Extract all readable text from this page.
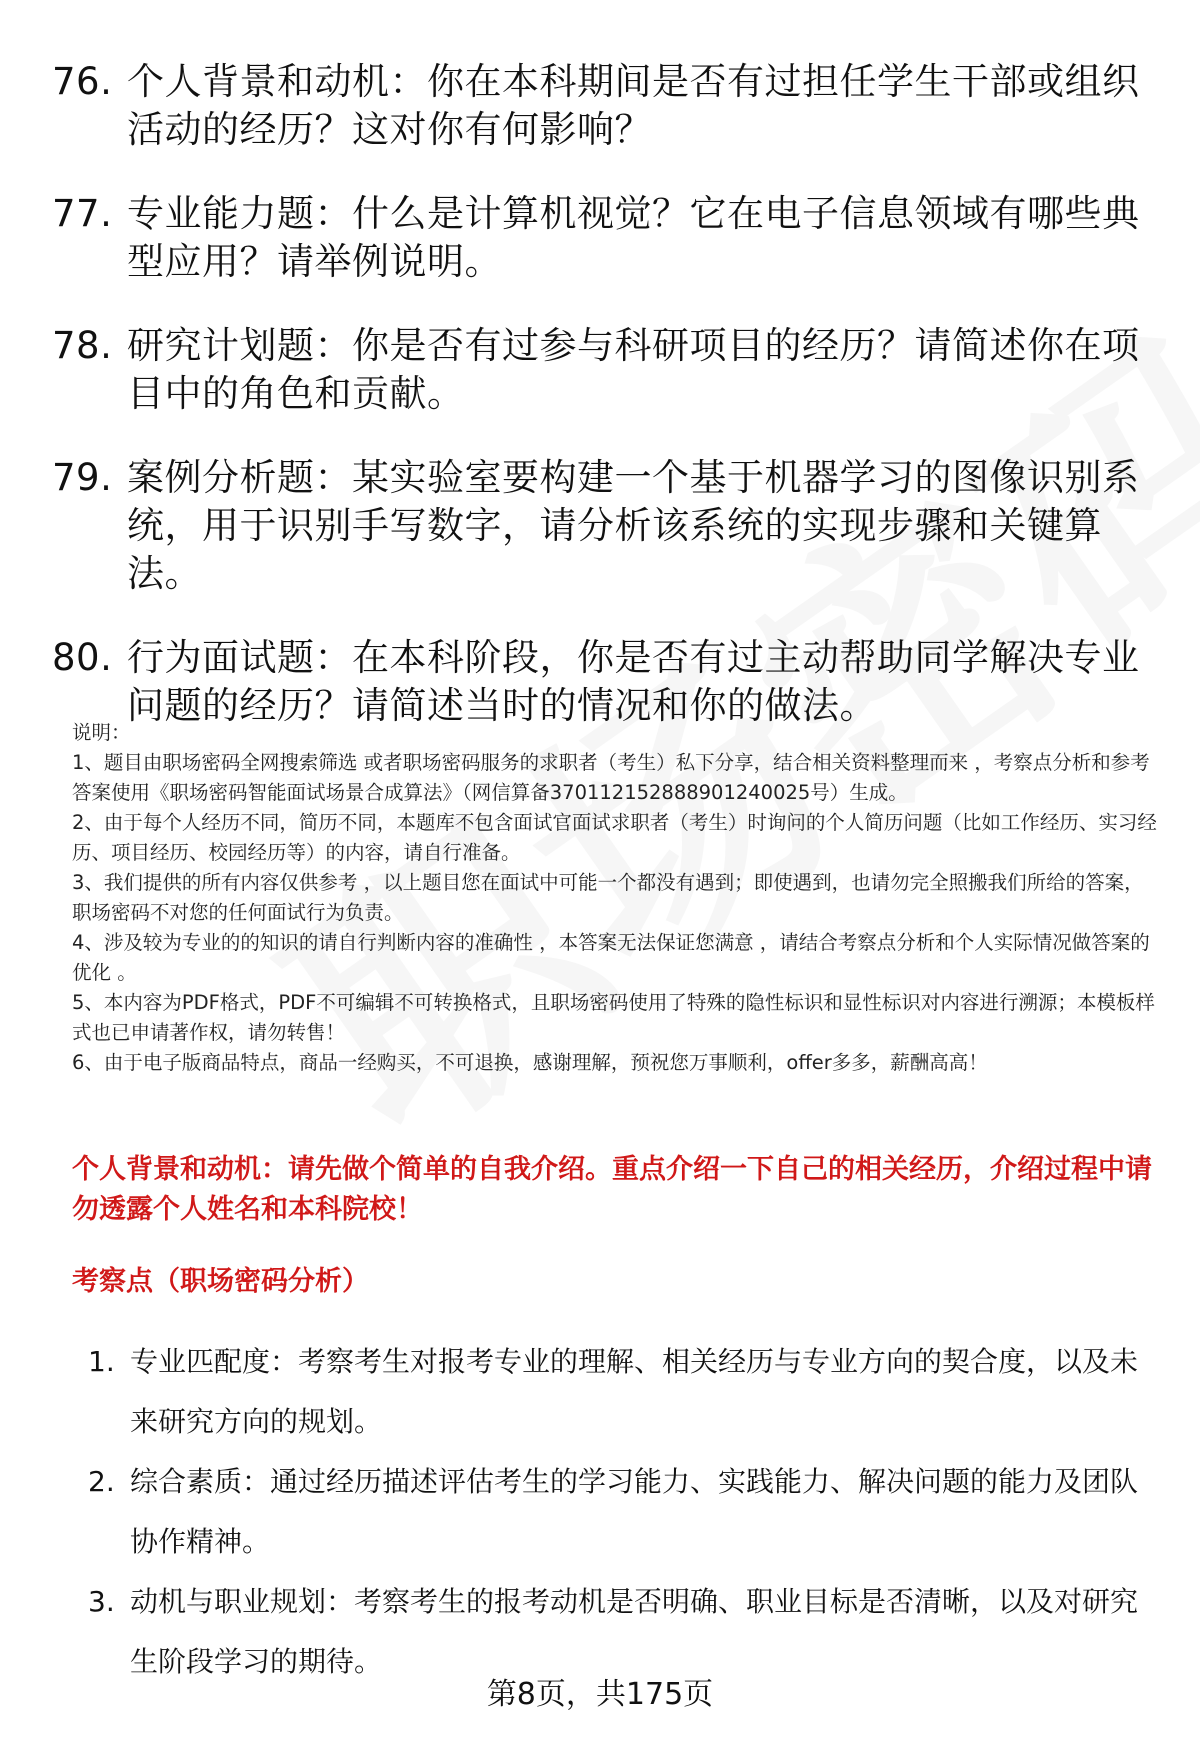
76. 个人背景和动机：你在本科期间是否有过担任学生干部或组织活动的经历？这对你有何影响？
77. 专业能力题：什么是计算机视觉？它在电子信息领域有哪些典型应用？请举例说明。
78. 研究计划题：你是否有过参与科研项目的经历？请简述你在项目中的角色和贡献。
79. 案例分析题：某实验室要构建一个基于机器学习的图像识别系统，用于识别手写数字，请分析该系统的实现步骤和关键算法。
80. 行为面试题：在本科阶段，你是否有过主动帮助同学解决专业问题的经历？请简述当时的情况和你的做法。

说明：

1、题目由职场密码全网搜索筛选 或者职场密码服务的求职者（考生）私下分享，结合相关资料整理而来 ，考察点分析和参考答案使用《职场密码智能面试场景合成算法》（网信算备370112152888901240025号）生成。

2、由于每个人经历不同，简历不同，本题库不包含面试官面试求职者（考生）时询问的个人简历问题（比如工作经历、实习经历、项目经历、校园经历等）的内容，请自行准备。

3、我们提供的所有内容仅供参考 ，以上题目您在面试中可能一个都没有遇到；即使遇到，也请勿完全照搬我们所给的答案，职场密码不对您的任何面试行为负责。

4、涉及较为专业的的知识的请自行判断内容的准确性 ，本答案无法保证您满意 ，请结合考察点分析和个人实际情况做答案的优化 。

5、本内容为PDF格式，PDF不可编辑不可转换格式，且职场密码使用了特殊的隐性标识和显性标识对内容进行溯源；本模板样式也已申请著作权，请勿转售！

6、由于电子版商品特点，商品一经购买，不可退换，感谢理解，预祝您万事顺利，offer多多，薪酬高高！

个人背景和动机：请先做个简单的自我介绍。重点介绍一下自己的相关经历，介绍过程中请勿透露个人姓名和本科院校！
考察点（职场密码分析）
1. 专业匹配度：考察考生对报考专业的理解、相关经历与专业方向的契合度，以及未来研究方向的规划。
2. 综合素质：通过经历描述评估考生的学习能力、实践能力、解决问题的能力及团队协作精神。
3. 动机与职业规划：考察考生的报考动机是否明确、职业目标是否清晰，以及对研究生阶段学习的期待。
第8页，共175页
